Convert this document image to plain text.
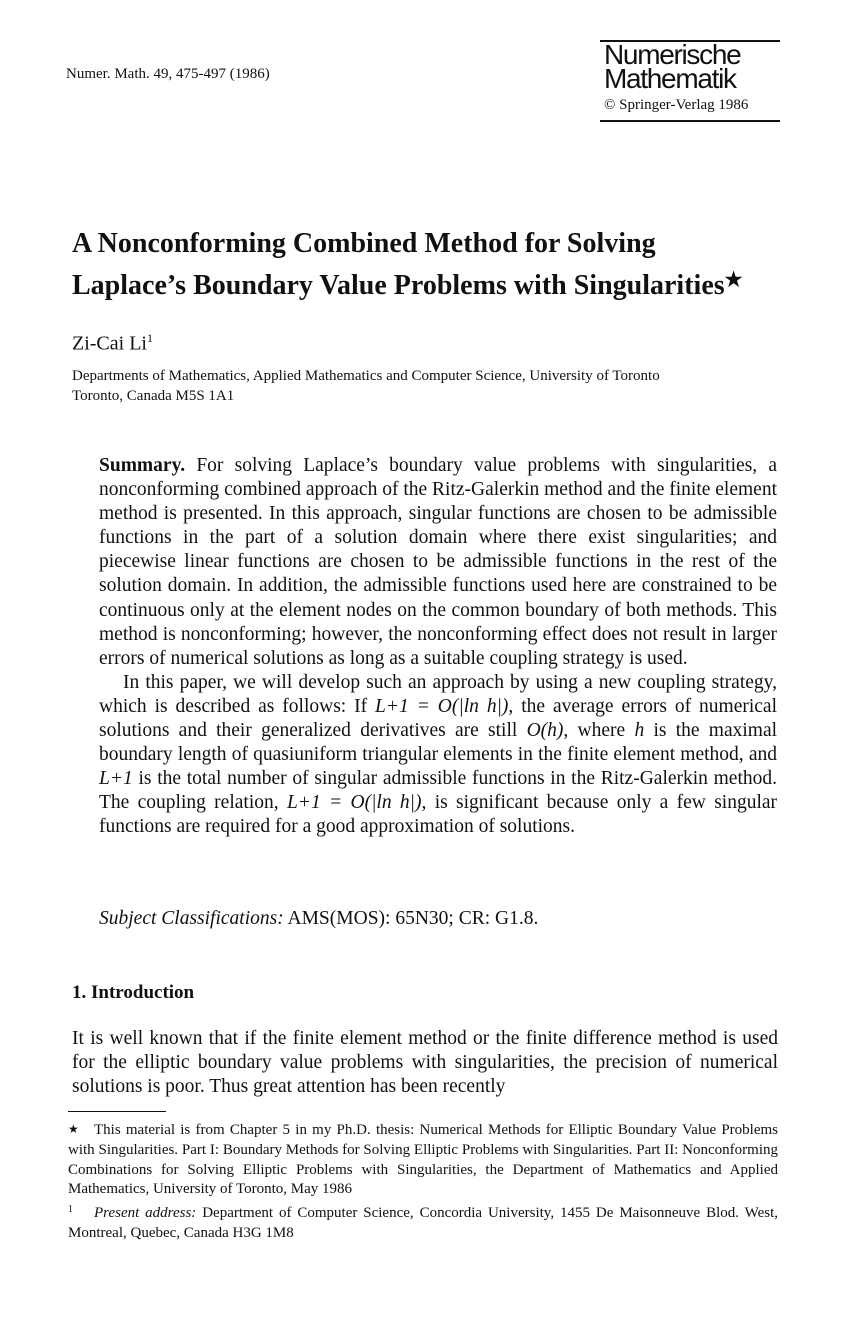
Numer. Math. 49, 475-497 (1986)
Numerische
Mathematik
© Springer-Verlag 1986
A Nonconforming Combined Method for Solving
Laplace’s Boundary Value Problems with Singularities★
Zi-Cai Li$^1$
Departments of Mathematics, Applied Mathematics and Computer Science, University of Toronto
Toronto, Canada M5S 1A1

Summary. For solving Laplace’s boundary value problems with singularities, a nonconforming combined approach of the Ritz-Galerkin method and the finite element method is presented. In this approach, singular functions are chosen to be admissible functions in the part of a solution domain where there exist singularities; and piecewise linear functions are chosen to be admissible functions in the rest of the solution domain. In addition, the admissible functions used here are constrained to be continuous only at the element nodes on the common boundary of both methods. This method is nonconforming; however, the nonconforming effect does not result in larger errors of numerical solutions as long as a suitable coupling strategy is used.

In this paper, we will develop such an approach by using a new coupling strategy, which is described as follows: If L+1 = O(|ln h|), the average errors of numerical solutions and their generalized derivatives are still O(h), where h is the maximal boundary length of quasiuniform triangular elements in the finite element method, and L+1 is the total number of singular admissible functions in the Ritz-Galerkin method. The coupling relation, L+1 = O(|ln h|), is significant because only a few singular functions are required for a good approximation of solutions.

Subject Classifications: AMS(MOS): 65N30; CR: G1.8.
1. Introduction
It is well known that if the finite element method or the finite difference method is used for the elliptic boundary value problems with singularities, the precision of numerical solutions is poor. Thus great attention has been recently

★ This material is from Chapter 5 in my Ph.D. thesis: Numerical Methods for Elliptic Boundary Value Problems with Singularities. Part I: Boundary Methods for Solving Elliptic Problems with Singularities. Part II: Nonconforming Combinations for Solving Elliptic Problems with Singularities, the Department of Mathematics and Applied Mathematics, University of Toronto, May 1986

1 Present address: Department of Computer Science, Concordia University, 1455 De Maisonneuve Blod. West, Montreal, Quebec, Canada H3G 1M8
